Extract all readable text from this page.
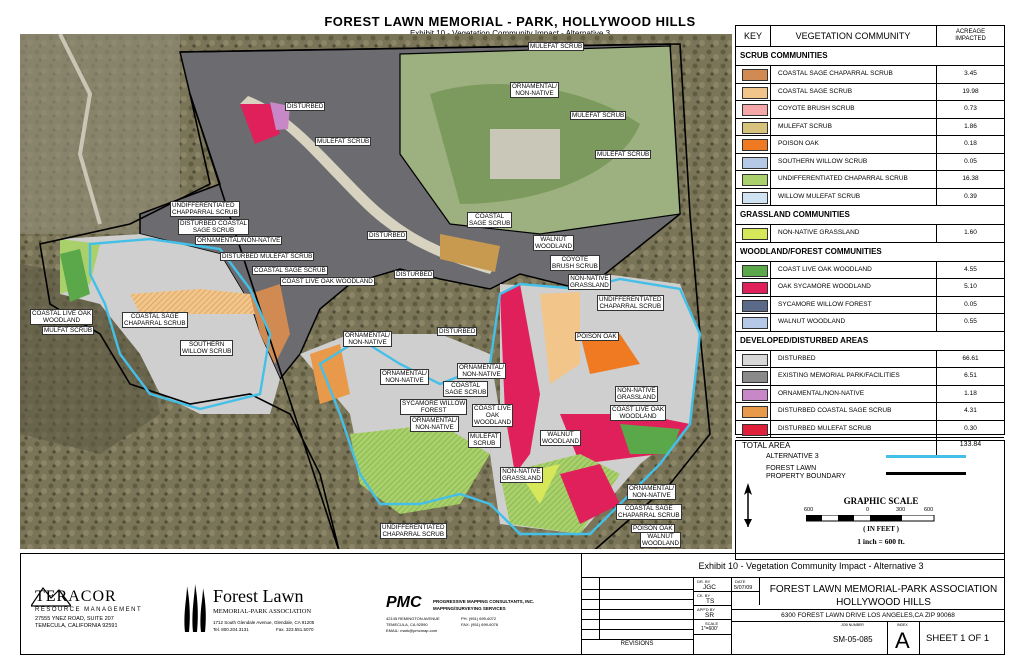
FOREST LAWN MEMORIAL - PARK, HOLLYWOOD HILLS
MULEFAT SCRUB
ORNAMENTAL/
NON-NATIVE
MULEFAT SCRUB
MULEFAT SCRUB
DISTURBED
MULEFAT SCRUB
UNDIFFERENTIATED
CHAPPARRAL SCRUB
DISTURBED COASTAL
SAGE SCRUB
ORNAMENTAL/NON-NATIVE
DISTURBED MULEFAT SCRUB
COASTAL SAGE SCRUB
COAST LIVE OAK WOODLAND
DISTURBED
COASTAL
SAGE SCRUB
DISTURBED
WALNUT
WOODLAND
COYOTE
BRUSH SCRUB
NON-NATIVE
GRASSLAND
UNDIFFERENTIATED
CHAPARRAL SCRUB
COASTAL LIVE OAK
WOODLAND
MULFAT SCRUB
COASTAL SAGE
CHAPARRAL SCRUB
DISTURBED
POISON OAK
SOUTHERN
WILLOW SCRUB
ORNAMENTAL/
NON-NATIVE
ORNAMENTAL/
NON-NATIVE
ORNAMENTAL/
NON-NATIVE
COASTAL
SAGE SCRUB
SYCAMORE WILLOW
FOREST	COAST LIVE
OAK
WOODLAND
ORNAMENTAL/
NON-NATIVE
MULEFAT
SCRUB
WALNUT
WOODLAND
NON-NATIVE
GRASSLAND
COAST LIVE OAK
WOODLAND
NON-NATIVE
GRASSLAND
ORNAMENTAL/
NON-NATIVE
COASTAL SAGE
CHAPARRAL SCRUB
POISON OAK
WALNUT
WOODLAND
UNDIFFERENTIATED
CHAPARRAL SCRUB
KEY	VEGETATION COMMUNITY	ACREAGE
IMPACTED
SCRUB COMMUNITIES
COASTAL SAGE CHAPARRAL SCRUB	3.45
COASTAL SAGE SCRUB	19.98
COYOTE BRUSH SCRUB	0.73
MULEFAT SCRUB	1.86
POISON OAK	0.18
SOUTHERN WILLOW SCRUB	0.05
UNDIFFERENTIATED CHAPARRAL SCRUB	16.38
WILLOW MULEFAT SCRUB	0.39
GRASSLAND COMMUNITIES
NON-NATIVE GRASSLAND	1.60
WOODLAND/FOREST COMMUNITIES
COAST LIVE OAK WOODLAND	4.55
OAK SYCAMORE WOODLAND	5.10
SYCAMORE WILLOW FOREST	0.05
WALNUT WOODLAND	0.55
DEVELOPED/DISTURBED AREAS
DISTURBED	66.61
EXISTING MEMORIAL PARK/FACILITIES	6.51
ORNAMENTAL/NON-NATIVE	1.18
DISTURBED COASTAL SAGE SCRUB	4.31
DISTURBED MULEFAT SCRUB	0.30
TOTAL AREA	133.84
ALTERNATIVE 3
FOREST LAWN
PROPERTY BOUNDARY
GRAPHIC SCALE
600	0	300	600
( IN FEET )
1 inch = 600 ft.
Exhibit 10 - Vegetation Community Impact - Alternative 3
TERACOR
RESOURCE MANAGEMENT
27555 YNEZ ROAD, SUITE 207
TEMECULA, CALIFORNIA 92591
Forest Lawn
MEMORIAL-PARK ASSOCIATION
1712 South Glendale Avenue, Glendale, CA 91205
Tel. 800.204.3131	Fax. 323.551.5070
PMC	PROGRESSIVE MAPPING CONSULTANTS, INC.
MAPPING/SURVEYING SERVICES
42145 REMINGTON AVENUE
TEMECULA, CA 92590
EMAIL: mark@pmcmap.com
PH: (951) 699-6072
FAX: (951) 699-6076
REVISIONS
DR. BY
JGC
DATE
5/07/09
CK. BY
TS
APP'D BY
SR
SCALE
1"=600'
FOREST LAWN MEMORIAL-PARK ASSOCIATION
HOLLYWOOD HILLS
6300 FOREST LAWN DRIVE LOS ANGELES,CA ZIP 90068
JOB NUMBER
SM-05-085
INDEX
A SHEET 1 OF 1
